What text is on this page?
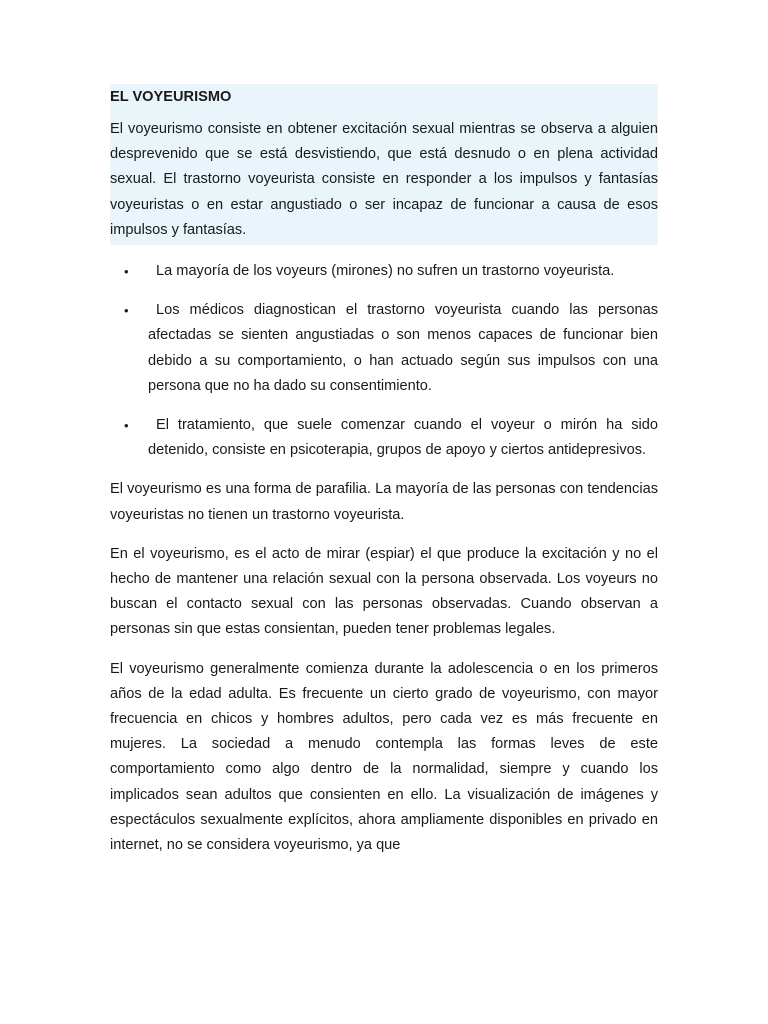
EL VOYEURISMO

El voyeurismo consiste en obtener excitación sexual mientras se observa a alguien desprevenido que se está desvistiendo, que está desnudo o en plena actividad sexual. El trastorno voyeurista consiste en responder a los impulsos y fantasías voyeuristas o en estar angustiado o ser incapaz de funcionar a causa de esos impulsos y fantasías.

•	La mayoría de los voyeurs (mirones) no sufren un trastorno voyeurista.
•	Los médicos diagnostican el trastorno voyeurista cuando las personas afectadas se sienten angustiadas o son menos capaces de funcionar bien debido a su comportamiento, o han actuado según sus impulsos con una persona que no ha dado su consentimiento.
•	El tratamiento, que suele comenzar cuando el voyeur o mirón ha sido detenido, consiste en psicoterapia, grupos de apoyo y ciertos antidepresivos.

El voyeurismo es una forma de parafilia. La mayoría de las personas con tendencias voyeuristas no tienen un trastorno voyeurista.

En el voyeurismo, es el acto de mirar (espiar) el que produce la excitación y no el hecho de mantener una relación sexual con la persona observada. Los voyeurs no buscan el contacto sexual con las personas observadas. Cuando observan a personas sin que estas consientan, pueden tener problemas legales.

El voyeurismo generalmente comienza durante la adolescencia o en los primeros años de la edad adulta. Es frecuente un cierto grado de voyeurismo, con mayor frecuencia en chicos y hombres adultos, pero cada vez es más frecuente en mujeres. La sociedad a menudo contempla las formas leves de este comportamiento como algo dentro de la normalidad, siempre y cuando los implicados sean adultos que consienten en ello. La visualización de imágenes y espectáculos sexualmente explícitos, ahora ampliamente disponibles en privado en internet, no se considera voyeurismo, ya que
